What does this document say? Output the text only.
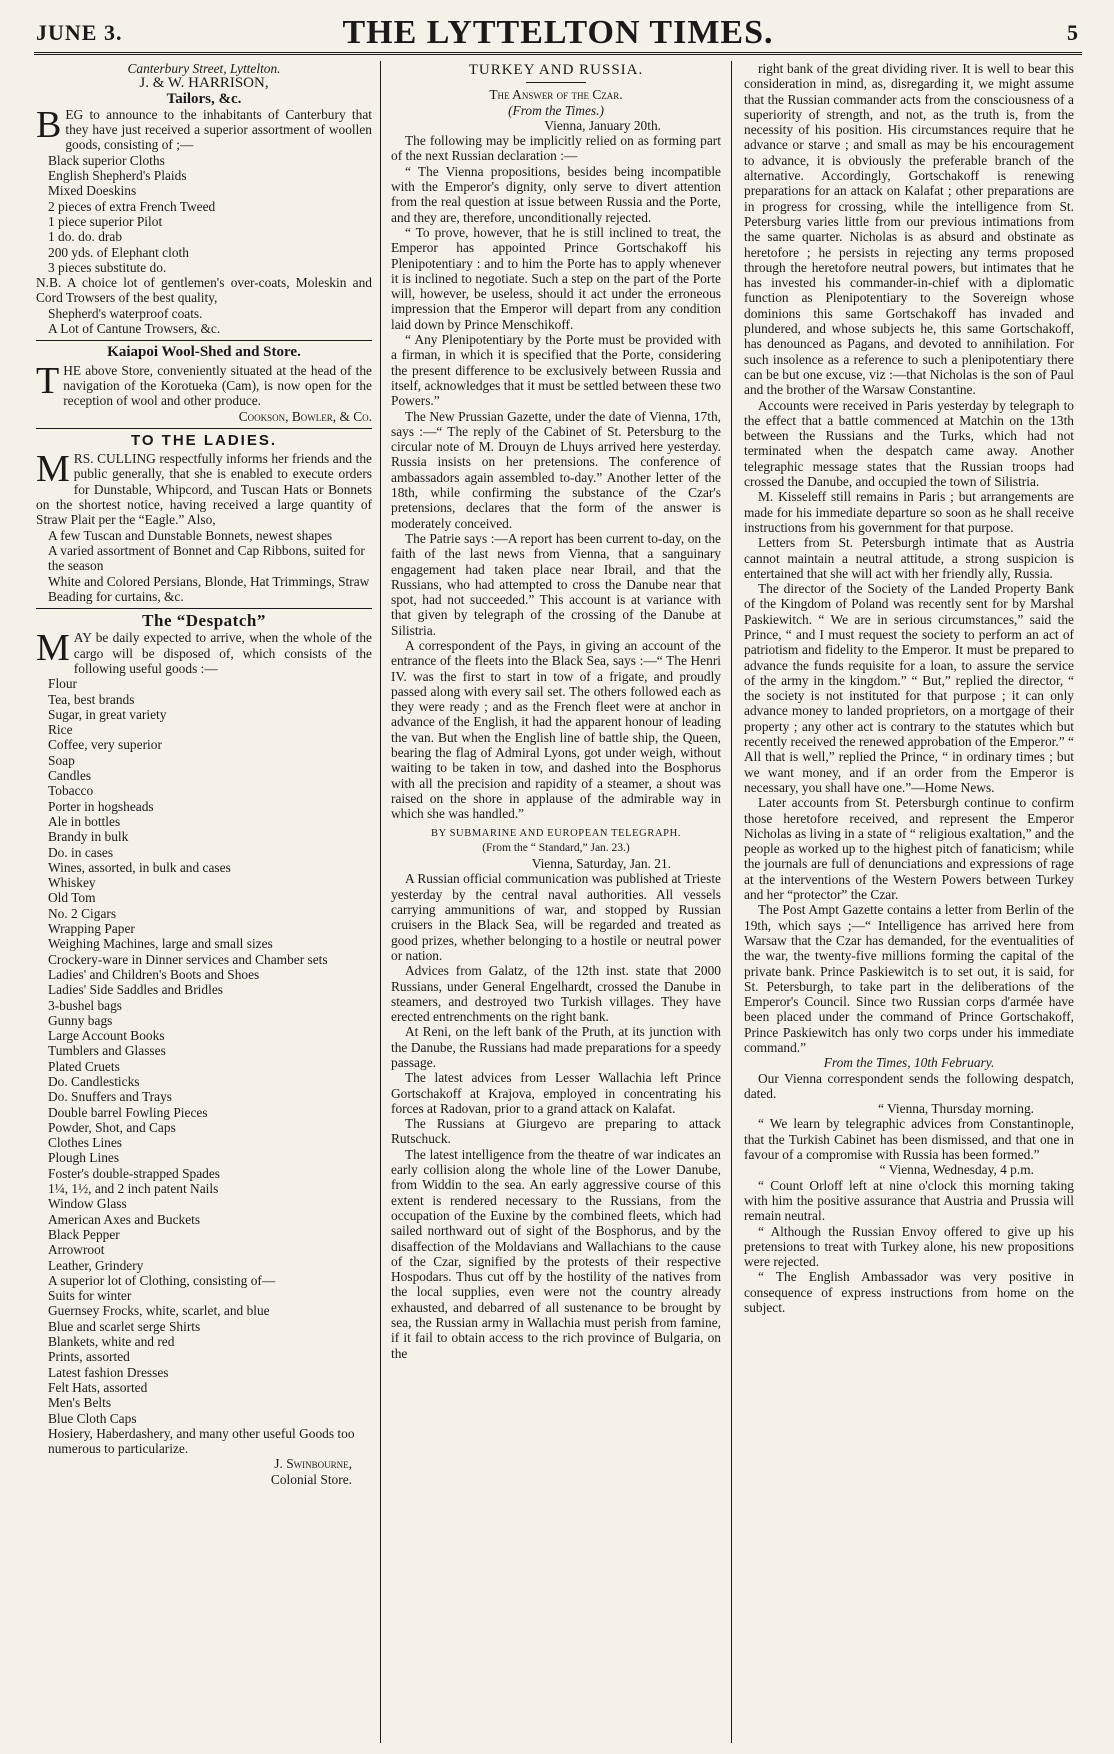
JUNE 3.	THE LYTTELTON TIMES.	5

Canterbury Street, Lyttelton.

J. & W. HARRISON,

Tailors, &c.

BEG to announce to the inhabitants of Canterbury that they have just received a superior assortment of woollen goods, consisting of ;—

Black superior Cloths
English Shepherd's Plaids
Mixed Doeskins
2 pieces of extra French Tweed
1 piece superior Pilot
1 do. do. drab
200 yds. of Elephant cloth
3 pieces substitute do.

N.B. A choice lot of gentlemen's over-coats, Moleskin and Cord Trowsers of the best quality,

Shepherd's waterproof coats.

A Lot of Cantune Trowsers, &c.

Kaiapoi Wool-Shed and Store.

THE above Store, conveniently situated at the head of the navigation of the Korotueka (Cam), is now open for the reception of wool and other produce.

Cookson, Bowler, & Co.

TO THE LADIES.

MRS. CULLING respectfully informs her friends and the public generally, that she is enabled to execute orders for Dunstable, Whipcord, and Tuscan Hats or Bonnets on the shortest notice, having received a large quantity of Straw Plait per the “Eagle.” Also,

A few Tuscan and Dunstable Bonnets, newest shapes
A varied assortment of Bonnet and Cap Ribbons, suited for the season
White and Colored Persians, Blonde, Hat Trimmings, Straw Beading for curtains, &c.

The “Despatch”

MAY be daily expected to arrive, when the whole of the cargo will be disposed of, which consists of the following useful goods :—

Flour
Tea, best brands
Sugar, in great variety
Rice
Coffee, very superior
Soap
Candles
Tobacco
Porter in hogsheads
Ale in bottles
Brandy in bulk
Do. in cases
Wines, assorted, in bulk and cases
Whiskey
Old Tom
No. 2 Cigars
Wrapping Paper
Weighing Machines, large and small sizes
Crockery-ware in Dinner services and Chamber sets
Ladies' and Children's Boots and Shoes
Ladies' Side Saddles and Bridles
3-bushel bags
Gunny bags
Large Account Books
Tumblers and Glasses
Plated Cruets
Do. Candlesticks
Do. Snuffers and Trays
Double barrel Fowling Pieces
Powder, Shot, and Caps
Clothes Lines
Plough Lines
Foster's double-strapped Spades
1¼, 1½, and 2 inch patent Nails
Window Glass
American Axes and Buckets
Black Pepper
Arrowroot
Leather, Grindery
A superior lot of Clothing, consisting of—
Suits for winter
Guernsey Frocks, white, scarlet, and blue
Blue and scarlet serge Shirts
Blankets, white and red
Prints, assorted
Latest fashion Dresses
Felt Hats, assorted
Men's Belts
Blue Cloth Caps
Hosiery, Haberdashery, and many other useful Goods too numerous to particularize.

J. Swinbourne,

Colonial Store.

TURKEY AND RUSSIA.

The Answer of the Czar.

(From the Times.)

Vienna, January 20th.

The following may be implicitly relied on as forming part of the next Russian declaration :—

“ The Vienna propositions, besides being incompatible with the Emperor's dignity, only serve to divert attention from the real question at issue between Russia and the Porte, and they are, therefore, unconditionally rejected.

“ To prove, however, that he is still inclined to treat, the Emperor has appointed Prince Gortschakoff his Plenipotentiary : and to him the Porte has to apply whenever it is inclined to negotiate. Such a step on the part of the Porte will, however, be useless, should it act under the erroneous impression that the Emperor will depart from any condition laid down by Prince Menschikoff.

“ Any Plenipotentiary by the Porte must be provided with a firman, in which it is specified that the Porte, considering the present difference to be exclusively between Russia and itself, acknowledges that it must be settled between these two Powers.”

The New Prussian Gazette, under the date of Vienna, 17th, says :—“ The reply of the Cabinet of St. Petersburg to the circular note of M. Drouyn de Lhuys arrived here yesterday. Russia insists on her pretensions. The conference of ambassadors again assembled to-day.” Another letter of the 18th, while confirming the substance of the Czar's pretensions, declares that the form of the answer is moderately conceived.

The Patrie says :—A report has been current to-day, on the faith of the last news from Vienna, that a sanguinary engagement had taken place near Ibrail, and that the Russians, who had attempted to cross the Danube near that spot, had not succeeded.” This account is at variance with that given by telegraph of the crossing of the Danube at Silistria.

A correspondent of the Pays, in giving an account of the entrance of the fleets into the Black Sea, says :—“ The Henri IV. was the first to start in tow of a frigate, and proudly passed along with every sail set. The others followed each as they were ready ; and as the French fleet were at anchor in advance of the English, it had the apparent honour of leading the van. But when the English line of battle ship, the Queen, bearing the flag of Admiral Lyons, got under weigh, without waiting to be taken in tow, and dashed into the Bosphorus with all the precision and rapidity of a steamer, a shout was raised on the shore in applause of the admirable way in which she was handled.”

BY SUBMARINE AND EUROPEAN TELEGRAPH.

(From the “ Standard,” Jan. 23.)

Vienna, Saturday, Jan. 21.

A Russian official communication was published at Trieste yesterday by the central naval authorities. All vessels carrying ammunitions of war, and stopped by Russian cruisers in the Black Sea, will be regarded and treated as good prizes, whether belonging to a hostile or neutral power or nation.

Advices from Galatz, of the 12th inst. state that 2000 Russians, under General Engelhardt, crossed the Danube in steamers, and destroyed two Turkish villages. They have erected entrenchments on the right bank.

At Reni, on the left bank of the Pruth, at its junction with the Danube, the Russians had made preparations for a speedy passage.

The latest advices from Lesser Wallachia left Prince Gortschakoff at Krajova, employed in concentrating his forces at Radovan, prior to a grand attack on Kalafat.

The Russians at Giurgevo are preparing to attack Rutschuck.

The latest intelligence from the theatre of war indicates an early collision along the whole line of the Lower Danube, from Widdin to the sea. An early aggressive course of this extent is rendered necessary to the Russians, from the occupation of the Euxine by the combined fleets, which had sailed northward out of sight of the Bosphorus, and by the disaffection of the Moldavians and Wallachians to the cause of the Czar, signified by the protests of their respective Hospodars. Thus cut off by the hostility of the natives from the local supplies, even were not the country already exhausted, and debarred of all sustenance to be brought by sea, the Russian army in Wallachia must perish from famine, if it fail to obtain access to the rich province of Bulgaria, on the

right bank of the great dividing river. It is well to bear this consideration in mind, as, disregarding it, we might assume that the Russian commander acts from the consciousness of a superiority of strength, and not, as the truth is, from the necessity of his position. His circumstances require that he advance or starve ; and small as may be his encouragement to advance, it is obviously the preferable branch of the alternative. Accordingly, Gortschakoff is renewing preparations for an attack on Kalafat ; other preparations are in progress for crossing, while the intelligence from St. Petersburg varies little from our previous intimations from the same quarter. Nicholas is as absurd and obstinate as heretofore ; he persists in rejecting any terms proposed through the heretofore neutral powers, but intimates that he has invested his commander-in-chief with a diplomatic function as Plenipotentiary to the Sovereign whose dominions this same Gortschakoff has invaded and plundered, and whose subjects he, this same Gortschakoff, has denounced as Pagans, and devoted to annihilation. For such insolence as a reference to such a plenipotentiary there can be but one excuse, viz :—that Nicholas is the son of Paul and the brother of the Warsaw Constantine.

Accounts were received in Paris yesterday by telegraph to the effect that a battle commenced at Matchin on the 13th between the Russians and the Turks, which had not terminated when the despatch came away. Another telegraphic message states that the Russian troops had crossed the Danube, and occupied the town of Silistria.

M. Kisseleff still remains in Paris ; but arrangements are made for his immediate departure so soon as he shall receive instructions from his government for that purpose.

Letters from St. Petersburgh intimate that as Austria cannot maintain a neutral attitude, a strong suspicion is entertained that she will act with her friendly ally, Russia.

The director of the Society of the Landed Property Bank of the Kingdom of Poland was recently sent for by Marshal Paskiewitch. “ We are in serious circumstances,” said the Prince, “ and I must request the society to perform an act of patriotism and fidelity to the Emperor. It must be prepared to advance the funds requisite for a loan, to assure the service of the army in the kingdom.” “ But,” replied the director, “ the society is not instituted for that purpose ; it can only advance money to landed proprietors, on a mortgage of their property ; any other act is contrary to the statutes which but recently received the renewed approbation of the Emperor.” “ All that is well,” replied the Prince, “ in ordinary times ; but we want money, and if an order from the Emperor is necessary, you shall have one.”—Home News.

Later accounts from St. Petersburgh continue to confirm those heretofore received, and represent the Emperor Nicholas as living in a state of “ religious exaltation,” and the people as worked up to the highest pitch of fanaticism; while the journals are full of denunciations and expressions of rage at the interventions of the Western Powers between Turkey and her “protector” the Czar.

The Post Ampt Gazette contains a letter from Berlin of the 19th, which says ;—“ Intelligence has arrived here from Warsaw that the Czar has demanded, for the eventualities of the war, the twenty-five millions forming the capital of the private bank. Prince Paskiewitch is to set out, it is said, for St. Petersburgh, to take part in the deliberations of the Emperor's Council. Since two Russian corps d'armée have been placed under the command of Prince Gortschakoff, Prince Paskiewitch has only two corps under his immediate command.”

From the Times, 10th February.

Our Vienna correspondent sends the following despatch, dated.

“ Vienna, Thursday morning.

“ We learn by telegraphic advices from Constantinople, that the Turkish Cabinet has been dismissed, and that one in favour of a compromise with Russia has been formed.”

“ Vienna, Wednesday, 4 p.m.

“ Count Orloff left at nine o'clock this morning taking with him the positive assurance that Austria and Prussia will remain neutral.

“ Although the Russian Envoy offered to give up his pretensions to treat with Turkey alone, his new propositions were rejected.

“ The English Ambassador was very positive in consequence of express instructions from home on the subject.
